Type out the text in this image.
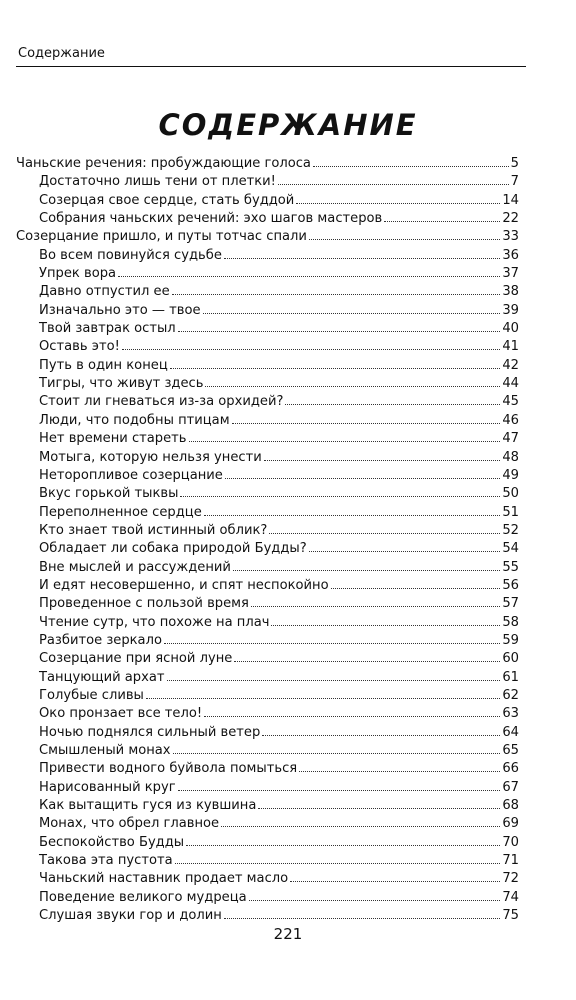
Содержание
СОДЕРЖАНИЕ
Чаньские речения: пробуждающие голоса	5
Достаточно лишь тени от плетки!	7
Созерцая свое сердце, стать буддой	14
Собрания чаньских речений: эхо шагов мастеров	22
Созерцание пришло, и путы тотчас спали	33
Во всем повинуйся судьбе	36
Упрек вора	37
Давно отпустил ее	38
Изначально это — твое	39
Твой завтрак остыл	40
Оставь это!	41
Путь в один конец	42
Тигры, что живут здесь	44
Стоит ли гневаться из-за орхидей?	45
Люди, что подобны птицам	46
Нет времени стареть	47
Мотыга, которую нельзя унести	48
Неторопливое созерцание	49
Вкус горькой тыквы	50
Переполненное сердце	51
Кто знает твой истинный облик?	52
Обладает ли собака природой Будды?	54
Вне мыслей и рассуждений	55
И едят несовершенно, и спят неспокойно	56
Проведенное с пользой время	57
Чтение сутр, что похоже на плач	58
Разбитое зеркало	59
Созерцание при ясной луне	60
Танцующий архат	61
Голубые сливы	62
Око пронзает все тело!	63
Ночью поднялся сильный ветер	64
Смышленый монах	65
Привести водного буйвола помыться	66
Нарисованный круг	67
Как вытащить гуся из кувшина	68
Монах, что обрел главное	69
Беспокойство Будды	70
Такова эта пустота	71
Чаньский наставник продает масло	72
Поведение великого мудреца	74
Слушая звуки гор и долин	75
221
